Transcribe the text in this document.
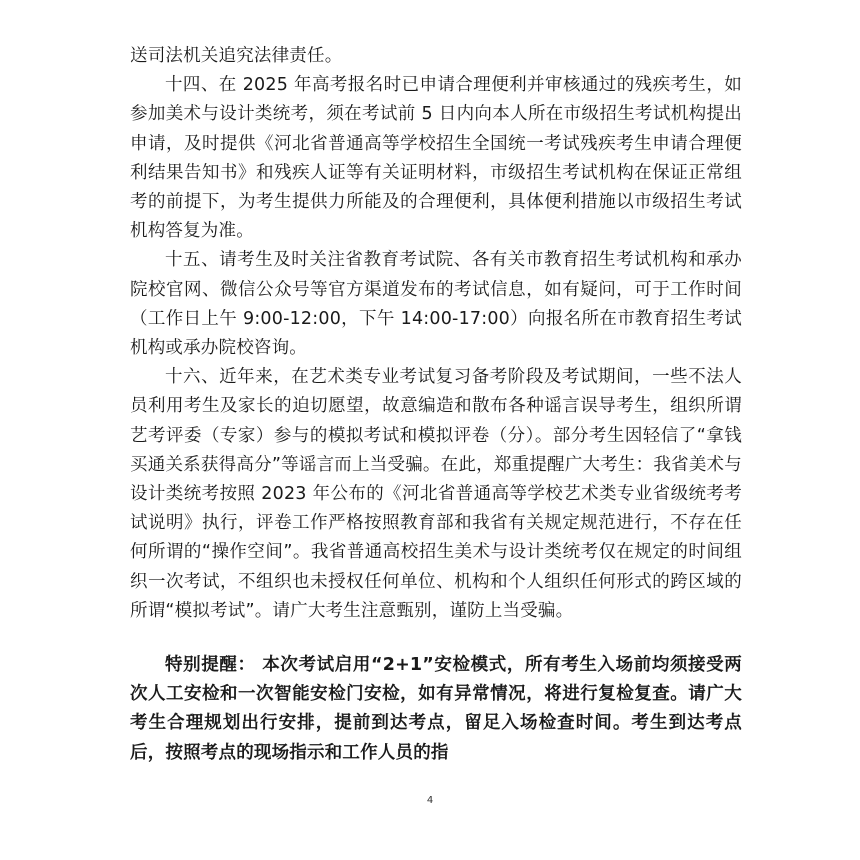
送司法机关追究法律责任。

十四、在 2025 年高考报名时已申请合理便利并审核通过的残疾考生，如参加美术与设计类统考，须在考试前 5 日内向本人所在市级招生考试机构提出申请，及时提供《河北省普通高等学校招生全国统一考试残疾考生申请合理便利结果告知书》和残疾人证等有关证明材料，市级招生考试机构在保证正常组考的前提下，为考生提供力所能及的合理便利，具体便利措施以市级招生考试机构答复为准。

十五、请考生及时关注省教育考试院、各有关市教育招生考试机构和承办院校官网、微信公众号等官方渠道发布的考试信息，如有疑问，可于工作时间（工作日上午 9:00-12:00，下午 14:00-17:00）向报名所在市教育招生考试机构或承办院校咨询。

十六、近年来，在艺术类专业考试复习备考阶段及考试期间，一些不法人员利用考生及家长的迫切愿望，故意编造和散布各种谣言误导考生，组织所谓艺考评委（专家）参与的模拟考试和模拟评卷（分）。部分考生因轻信了“拿钱买通关系获得高分”等谣言而上当受骗。在此，郑重提醒广大考生：我省美术与设计类统考按照 2023 年公布的《河北省普通高等学校艺术类专业省级统考考试说明》执行，评卷工作严格按照教育部和我省有关规定规范进行，不存在任何所谓的“操作空间”。我省普通高校招生美术与设计类统考仅在规定的时间组织一次考试，不组织也未授权任何单位、机构和个人组织任何形式的跨区域的所谓“模拟考试”。请广大考生注意甄别，谨防上当受骗。

特别提醒： 本次考试启用“2+1”安检模式，所有考生入场前均须接受两次人工安检和一次智能安检门安检，如有异常情况，将进行复检复查。请广大考生合理规划出行安排，提前到达考点，留足入场检查时间。考生到达考点后，按照考点的现场指示和工作人员的指

4
